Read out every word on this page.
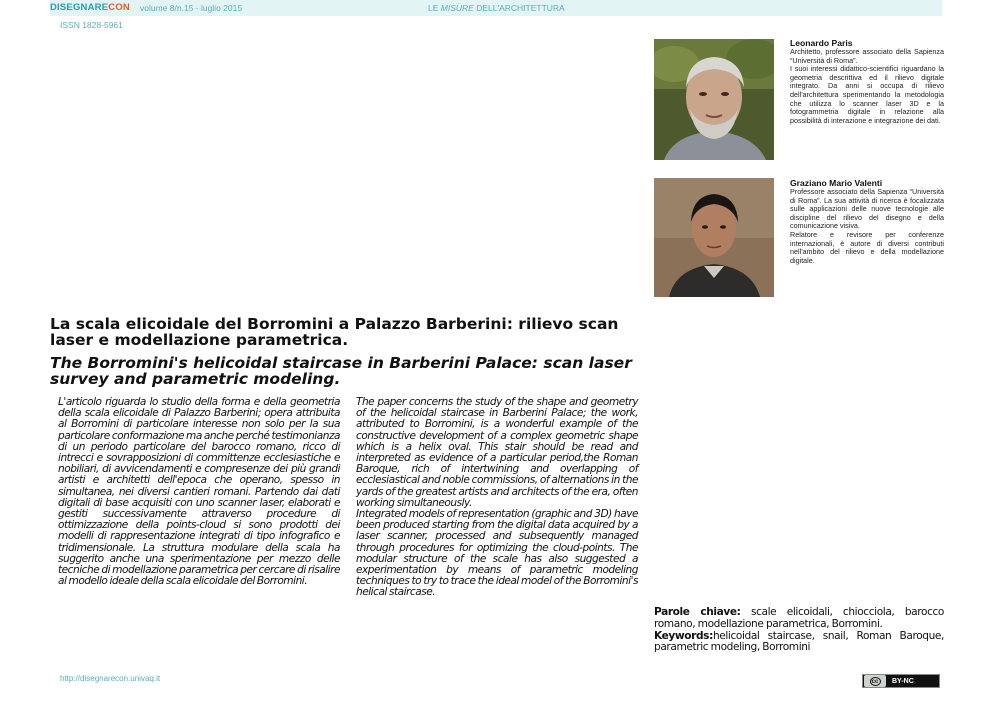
DISEGNARECON volume 8/n.15 - luglio 2015	LE MISURE DELL'ARCHITETTURA
ISSN 1828-5961
Leonardo Paris

Architetto, professore associato della Sapienza “Università di Roma”.
I suoi interessi didattico-scientifici riguardano la geometria descrittiva ed il rilievo digitale integrato. Da anni si occupa di rilievo dell'architettura sperimentando la metodologia che utilizza lo scanner laser 3D e la fotogrammetria digitale in relazione alla possibilità di interazione e integrazione dei dati.

Graziano Mario Valenti

Professore associato della Sapienza “Università di Roma”. La sua attività di ricerca è focalizzata sulle applicazioni delle nuove tecnologie alle discipline del rilievo del disegno e della comunicazione visiva.
Relatore e revisore per conferenze internazionali, è autore di diversi contributi nell'ambito del rilievo e della modellazione digitale.

La scala elicoidale del Borromini a Palazzo Barberini: rilievo scan laser e modellazione parametrica.
The Borromini's helicoidal staircase in Barberini Palace: scan laser survey and parametric modeling.
L'articolo riguarda lo studio della forma e della geometria della scala elicoidale di Palazzo Barberini; opera attribuita al Borromini di particolare interesse non solo per la sua particolare conformazione ma anche perché testimonianza di un periodo particolare del barocco romano, ricco di intrecci e sovrapposizioni di committenze ecclesiastiche e nobiliari, di avvicendamenti e compresenze dei più grandi artisti e architetti dell'epoca che operano, spesso in simultanea, nei diversi cantieri romani. Partendo dai dati digitali di base acquisiti con uno scanner laser, elaborati e gestiti successivamente attraverso procedure di ottimizzazione della points-cloud si sono prodotti dei modelli di rappresentazione integrati di tipo infografico e tridimensionale. La struttura modulare della scala ha suggerito anche una sperimentazione per mezzo delle tecniche di modellazione parametrica per cercare di risalire al modello ideale della scala elicoidale del Borromini.
The paper concerns the study of the shape and geometry of the helicoidal staircase in Barberini Palace; the work, attributed to Borromini, is a wonderful example of the constructive development of a complex geometric shape which is a helix oval. This stair should be read and interpreted as evidence of a particular period,the Roman Baroque, rich of intertwining and overlapping of ecclesiastical and noble commissions, of alternations in the yards of the greatest artists and architects of the era, often working simultaneously.
Integrated models of representation (graphic and 3D) have been produced starting from the digital data acquired by a laser scanner, processed and subsequently managed through procedures for optimizing the cloud-points. The modular structure of the scale has also suggested a experimentation by means of parametric modeling techniques to try to trace the ideal model of the Borromini's helical staircase.
Parole chiave: scale elicoidali, chiocciola, barocco romano, modellazione parametrica, Borromini.
Keywords:helicoidal staircase, snail, Roman Baroque, parametric modeling, Borromini
http://disegnarecon.univaq.it	cc	BY-NC
